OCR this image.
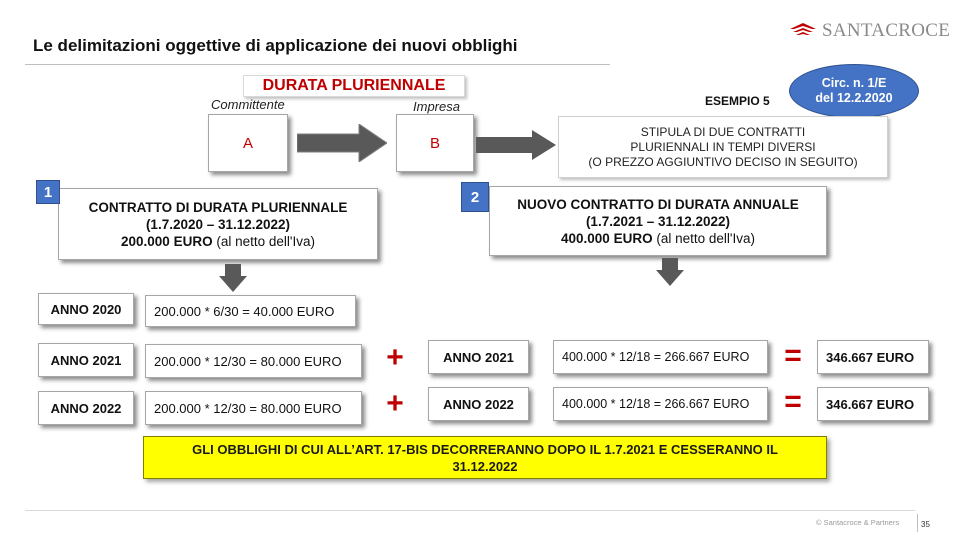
Le delimitazioni oggettive di applicazione dei nuovi obblighi
SANTACROCE
DURATA PLURIENNALE
Committente	Impresa
A	B
ESEMPIO 5
Circ. n. 1/E
del 12.2.2020
STIPULA DI DUE CONTRATTI
PLURIENNALI IN TEMPI DIVERSI
(O PREZZO AGGIUNTIVO DECISO IN SEGUITO)
CONTRATTO DI DURATA PLURIENNALE
(1.7.2020 – 31.12.2022)
200.000 EURO (al netto dell'Iva)
1
NUOVO CONTRATTO DI DURATA ANNUALE
(1.7.2021 – 31.12.2022)
400.000 EURO (al netto dell'Iva)
2
ANNO 2020	200.000 * 6/30 = 40.000 EURO
ANNO 2021	200.000 * 12/30 = 80.000 EURO	+	ANNO 2021	400.000 * 12/18 = 266.667 EURO	=	346.667 EURO
ANNO 2022	200.000 * 12/30 = 80.000 EURO	+	ANNO 2022	400.000 * 12/18 = 266.667 EURO	=	346.667 EURO
GLI OBBLIGHI DI CUI ALL’ART. 17-BIS DECORRERANNO DOPO IL 1.7.2021 E CESSERANNO IL
31.12.2022
© Santacroce & Partners	35
